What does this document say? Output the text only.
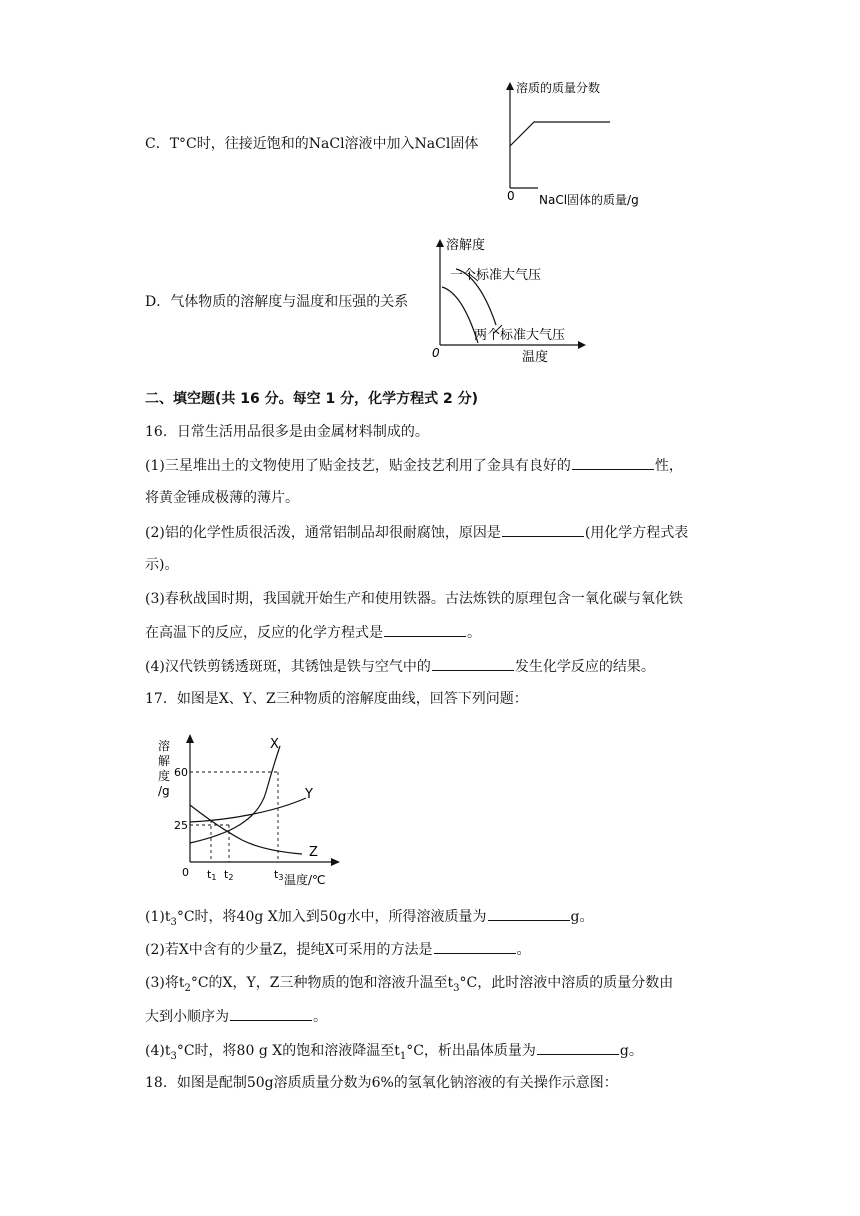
C．T°C时，往接近饱和的NaCl溶液中加入NaCl固体
溶质的质量分数
0 NaCl固体的质量/g
D．气体物质的溶解度与温度和压强的关系
溶解度
一个标准大气压
两个标准大气压
0	温度
二、填空题(共 16 分。每空 1 分，化学方程式 2 分)
16．日常生活用品很多是由金属材料制成的。
(1)三星堆出土的文物使用了贴金技艺，贴金技艺利用了金具有良好的	性，
将黄金锤成极薄的薄片。
(2)铝的化学性质很活泼，通常铝制品却很耐腐蚀，原因是	(用化学方程式表
示)。
(3)春秋战国时期，我国就开始生产和使用铁器。古法炼铁的原理包含一氧化碳与氧化铁
在高温下的反应，反应的化学方程式是	。
(4)汉代铁剪锈透斑斑，其锈蚀是铁与空气中的	发生化学反应的结果。
17．如图是X、Y、Z三种物质的溶解度曲线，回答下列问题：
溶
解
度
/g
60
25
0 t1 t2	t3 温度/℃
X
Y
Z
$(1)t_3^\circ C$时，将40g X加入到50g水中，所得溶液质量为	g。
(2)若X中含有的少量Z，提纯X可采用的方法是	。
(3)将$t_2^\circ C$的X，Y，Z三种物质的饱和溶液升温至$t_3^\circ C$，此时溶液中溶质的质量分数由
大到小顺序为	。
$(4)t_3^\circ C$时，将80 g X的饱和溶液降温至$t_1^\circ C$，析出晶体质量为	g。
18．如图是配制50g溶质质量分数为6%的氢氧化钠溶液的有关操作示意图：
